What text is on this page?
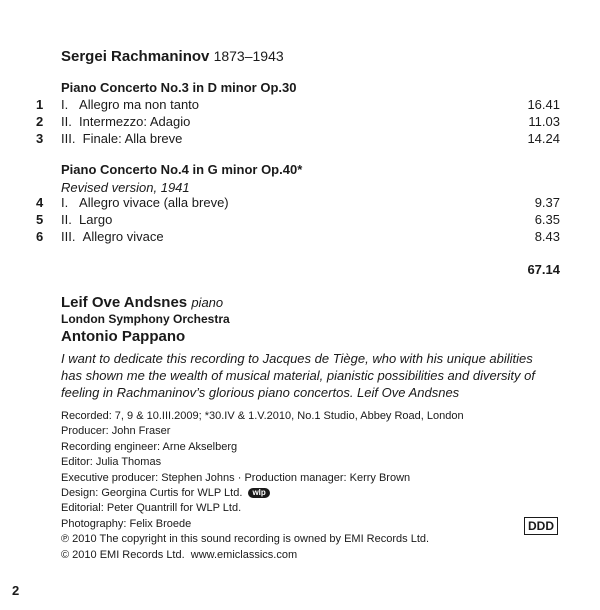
Sergei Rachmaninov 1873–1943
Piano Concerto No.3 in D minor Op.30
1 I.   Allegro ma non tanto	16.41
2 II.  Intermezzo: Adagio	11.03
3 III.  Finale: Alla breve	14.24
Piano Concerto No.4 in G minor Op.40*
Revised version, 1941
4 I.   Allegro vivace (alla breve)	9.37
5 II.  Largo	6.35
6 III.  Allegro vivace	8.43
67.14
Leif Ove Andsnes piano
London Symphony Orchestra
Antonio Pappano
I want to dedicate this recording to Jacques de Tiège, who with his unique abilities has shown me the wealth of musical material, pianistic possibilities and diversity of feeling in Rachmaninov’s glorious piano concertos. Leif Ove Andsnes
Recorded: 7, 9 & 10.III.2009; *30.IV & 1.V.2010, No.1 Studio, Abbey Road, London
Producer: John Fraser
Recording engineer: Arne Akselberg
Editor: Julia Thomas
Executive producer: Stephen Johns · Production manager: Kerry Brown
Design: Georgina Curtis for WLP Ltd. wlp
Editorial: Peter Quantrill for WLP Ltd.
Photography: Felix Broede
℗ 2010 The copyright in this sound recording is owned by EMI Records Ltd.
© 2010 EMI Records Ltd.  www.emiclassics.com
DDD
2
